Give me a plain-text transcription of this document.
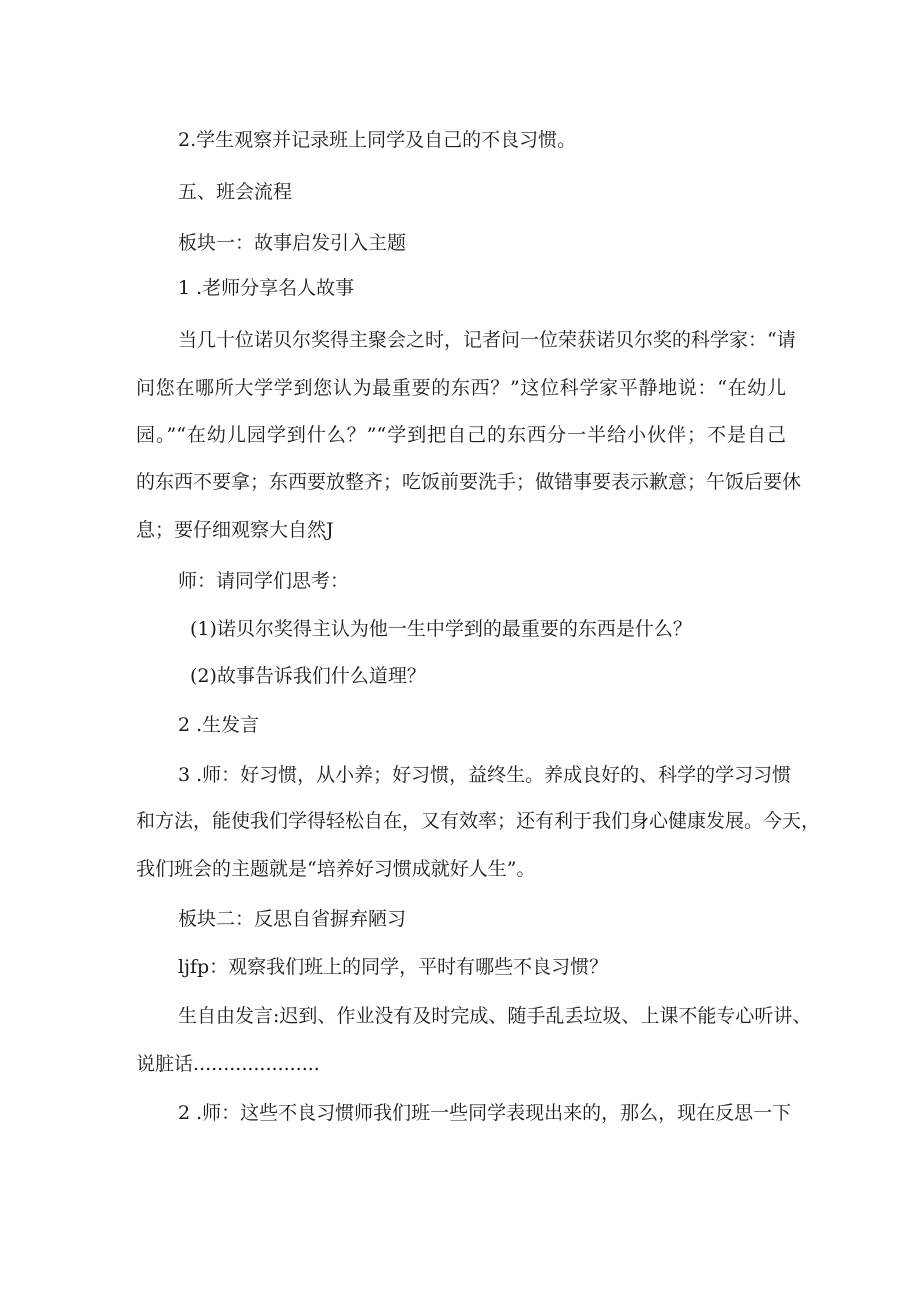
2.学生观察并记录班上同学及自己的不良习惯。
五、班会流程
板块一：故事启发引入主题
1 .老师分享名人故事
当几十位诺贝尔奖得主聚会之时，记者问一位荣获诺贝尔奖的科学家：“请
问您在哪所大学学到您认为最重要的东西？”这位科学家平静地说：“在幼儿
园。”“在幼儿园学到什么？”“学到把自己的东西分一半给小伙伴；不是自己
的东西不要拿；东西要放整齐；吃饭前要洗手；做错事要表示歉意；午饭后要休
息；要仔细观察大自然J
师：请同学们思考：
(1)诺贝尔奖得主认为他一生中学到的最重要的东西是什么？
(2)故事告诉我们什么道理？
2 .生发言
3 .师：好习惯，从小养；好习惯，益终生。养成良好的、科学的学习习惯
和方法，能使我们学得轻松自在，又有效率；还有利于我们身心健康发展。今天，
我们班会的主题就是“培养好习惯成就好人生”。
板块二：反思自省摒弃陋习
ljfp：观察我们班上的同学，平时有哪些不良习惯？
生自由发言:迟到、作业没有及时完成、随手乱丢垃圾、上课不能专心听讲、
说脏话.....................
2 .师：这些不良习惯师我们班一些同学表现出来的，那么，现在反思一下
